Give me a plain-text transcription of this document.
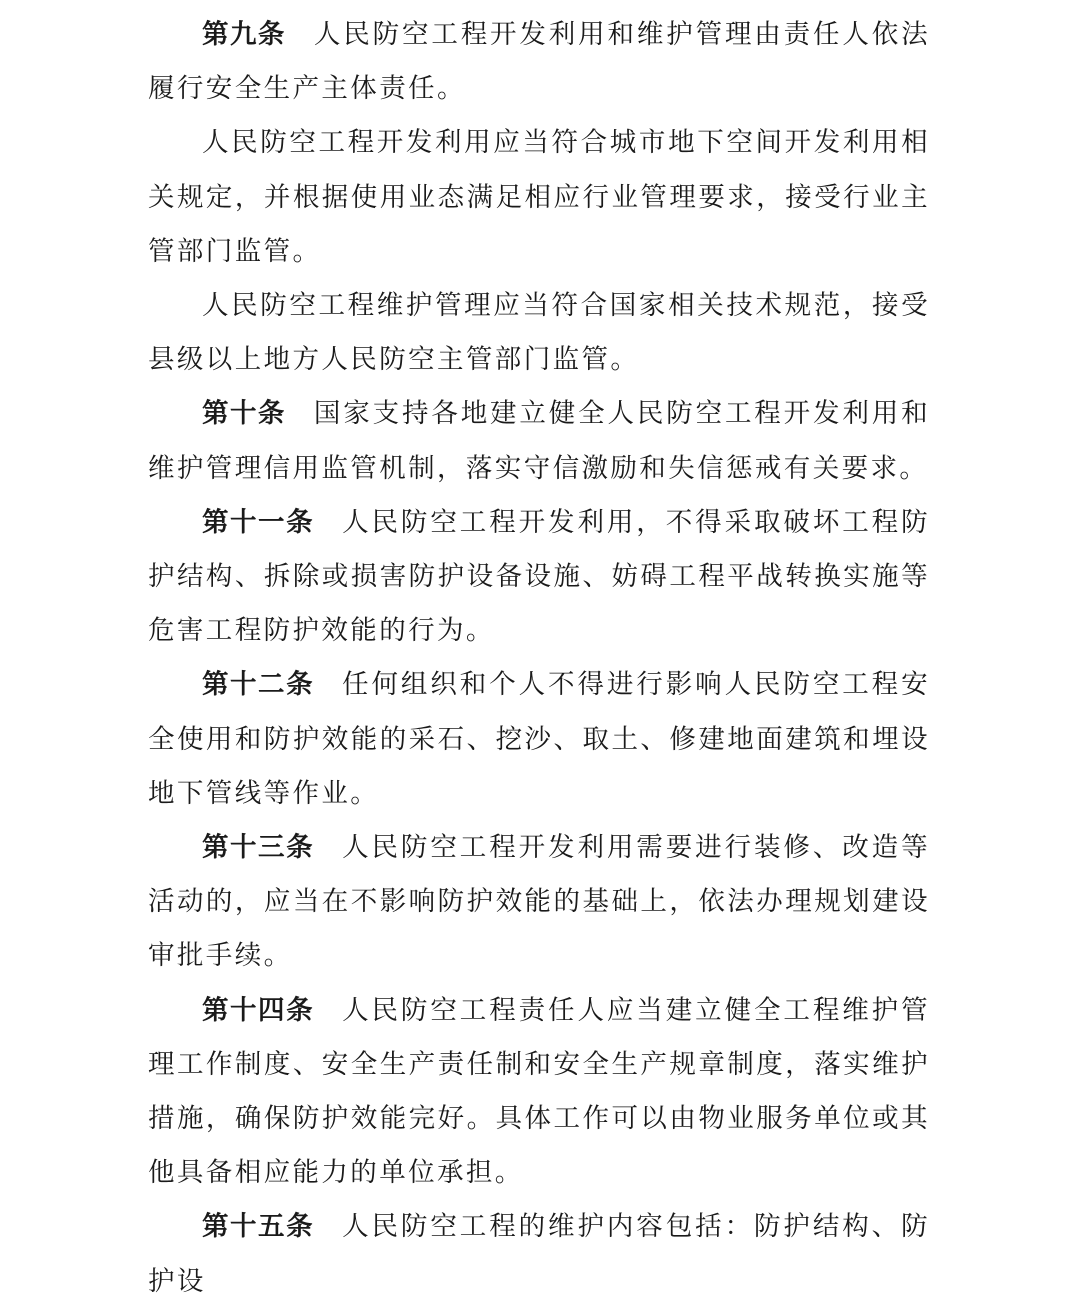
第九条 人民防空工程开发利用和维护管理由责任人依法履行安全生产主体责任。

人民防空工程开发利用应当符合城市地下空间开发利用相关规定，并根据使用业态满足相应行业管理要求，接受行业主管部门监管。

人民防空工程维护管理应当符合国家相关技术规范，接受县级以上地方人民防空主管部门监管。

第十条 国家支持各地建立健全人民防空工程开发利用和维护管理信用监管机制，落实守信激励和失信惩戒有关要求。

第十一条 人民防空工程开发利用，不得采取破坏工程防护结构、拆除或损害防护设备设施、妨碍工程平战转换实施等危害工程防护效能的行为。

第十二条 任何组织和个人不得进行影响人民防空工程安全使用和防护效能的采石、挖沙、取土、修建地面建筑和埋设地下管线等作业。

第十三条 人民防空工程开发利用需要进行装修、改造等活动的，应当在不影响防护效能的基础上，依法办理规划建设审批手续。

第十四条 人民防空工程责任人应当建立健全工程维护管理工作制度、安全生产责任制和安全生产规章制度，落实维护措施，确保防护效能完好。具体工作可以由物业服务单位或其他具备相应能力的单位承担。

第十五条 人民防空工程的维护内容包括：防护结构、防护设
